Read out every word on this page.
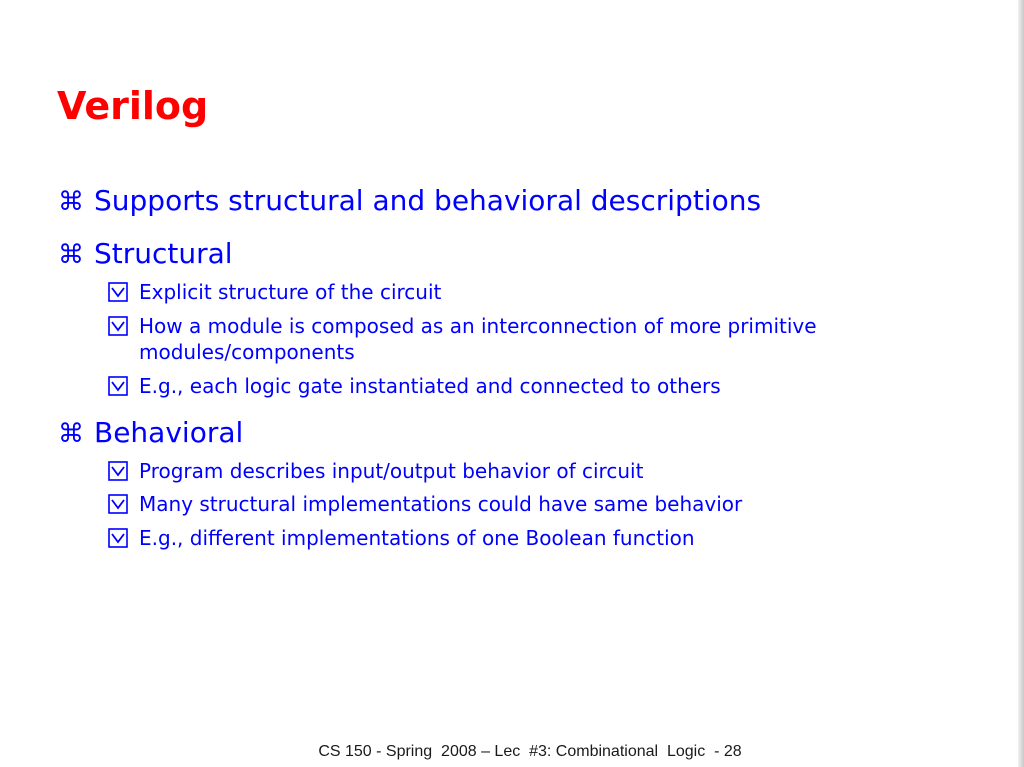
Verilog
⌘ Supports structural and behavioral descriptions
⌘ Structural
Explicit structure of the circuit
How a module is composed as an interconnection of more primitive modules/components
E.g., each logic gate instantiated and connected to others
⌘ Behavioral
Program describes input/output behavior of circuit
Many structural implementations could have same behavior
E.g., different implementations of one Boolean function
CS 150 - Spring  2008 – Lec  #3: Combinational  Logic  - 28
